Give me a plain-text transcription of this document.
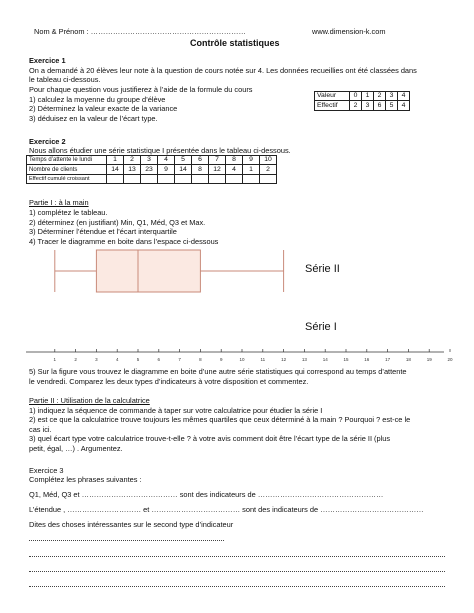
Nom & Prénom : ………………………………………………………	www.dimension-k.com
Contrôle statistiques
Exercice 1
On a demandé à 20 élèves leur note à la question de cours notée sur 4. Les données recueillies ont été classées dans
le tableau ci-dessous.
Pour chaque question vous justifierez à l’aide de la formule du cours
1) calculez la moyenne du groupe d’élève
2) Déterminez la valeur exacte de la variance
3) déduisez en la valeur de l’écart type.
Valeur	0	1	2	3	4
Effectif	2	3	6	5	4
Exercice 2
Nous allons étudier une série statistique I présentée dans le tableau ci-dessous.
Temps d’attente le lundi	1	2	3	4	5	6	7	8	9	10
Nombre de clients	14	13	23	9	14	8	12	4	1	2
Effectif cumulé croissant										
Partie I : à la main
1) complétez le tableau.
2) déterminez (en justifiant) Min, Q1, Méd, Q3 et Max.
3) Déterminer l’étendue et l’écart interquartile
4) Tracer le diagramme en boite dans l’espace ci-dessous
Série II
Série I
1	2	3	4	5	6	7	8	9	10	11	12	13	14	15	16	17	18	19	20
5) Sur la figure vous trouvez le diagramme en boite d’une autre série statistiques qui correspond au temps d’attente
le vendredi. Comparez les deux types d’indicateurs à votre disposition et commentez.
Partie II : Utilisation de la calculatrice
1) indiquez la séquence de commande à taper sur votre calculatrice pour étudier la série I
2) est ce que la calculatrice trouve toujours les mêmes quartiles que ceux déterminé à la main ? Pourquoi ? est-ce le
cas ici.
3) quel écart type votre calculatrice trouve-t-elle ? à votre avis comment doit être l’écart type de la série II (plus
petit, égal, …) . Argumentez.
Exercice 3
Complétez les phrases suivantes :
Q1, Méd, Q3 et ………………………………… sont des indicateurs de ……………………………………………
L’étendue , ………………………… et ……………………………… sont des indicateurs de ……………………………………
Dites des choses intéressantes sur le second type d’indicateur
